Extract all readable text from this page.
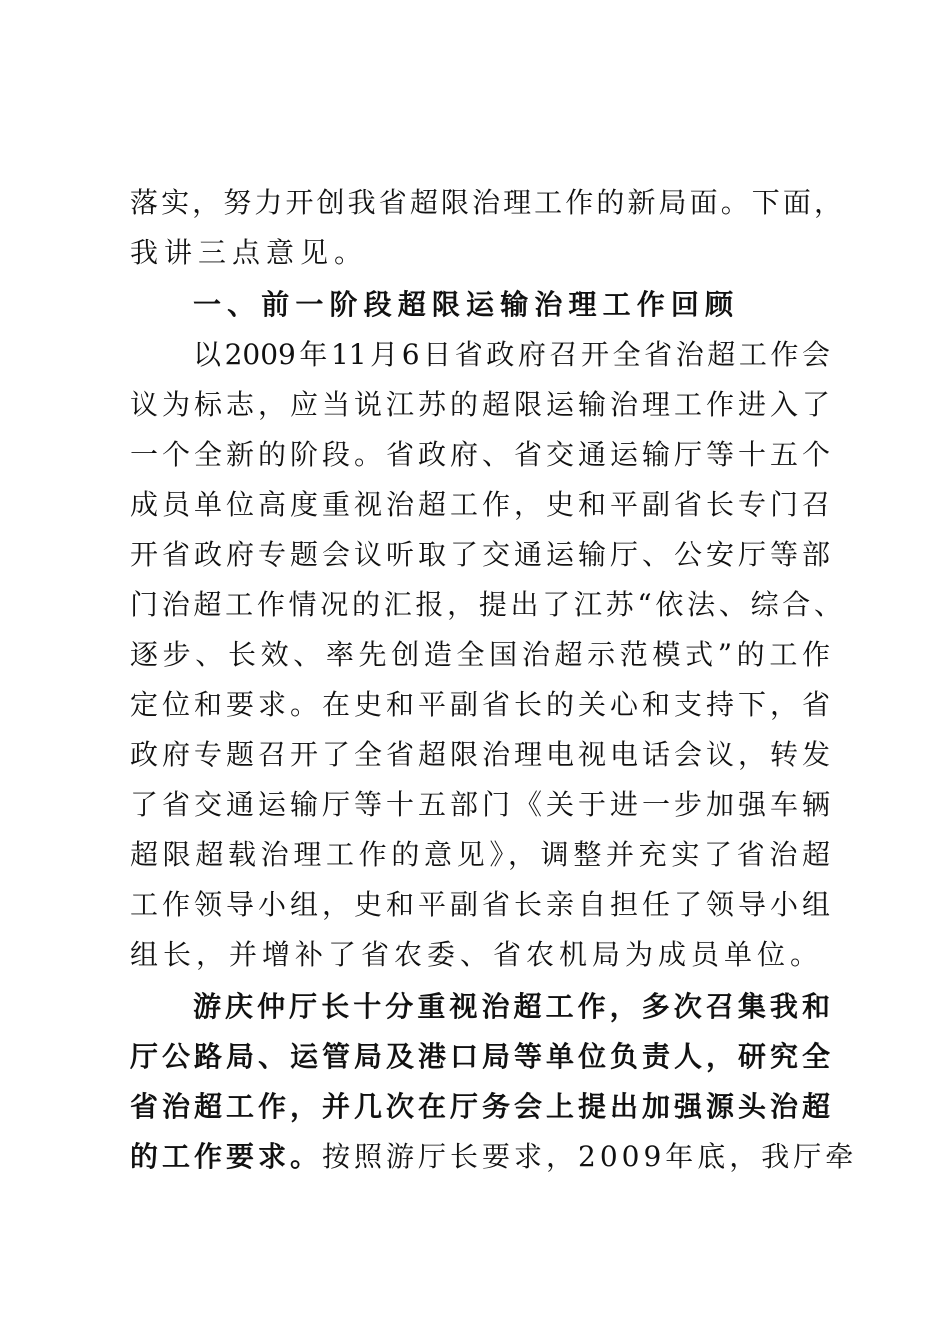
落实，努力开创我省超限治理工作的新局面。下面，
我讲三点意见。
一、前一阶段超限运输治理工作回顾
以2009年11月6日省政府召开全省治超工作会
议为标志，应当说江苏的超限运输治理工作进入了
一个全新的阶段。省政府、省交通运输厅等十五个
成员单位高度重视治超工作，史和平副省长专门召
开省政府专题会议听取了交通运输厅、公安厅等部
门治超工作情况的汇报，提出了江苏“依法、综合、
逐步、长效、率先创造全国治超示范模式”的工作
定位和要求。在史和平副省长的关心和支持下，省
政府专题召开了全省超限治理电视电话会议，转发
了省交通运输厅等十五部门《关于进一步加强车辆
超限超载治理工作的意见》，调整并充实了省治超
工作领导小组，史和平副省长亲自担任了领导小组
组长，并增补了省农委、省农机局为成员单位。
游庆仲厅长十分重视治超工作，多次召集我和
厅公路局、运管局及港口局等单位负责人，研究全
省治超工作，并几次在厅务会上提出加强源头治超
的工作要求。 按照游厅长要求，2009年底，我厅牵
